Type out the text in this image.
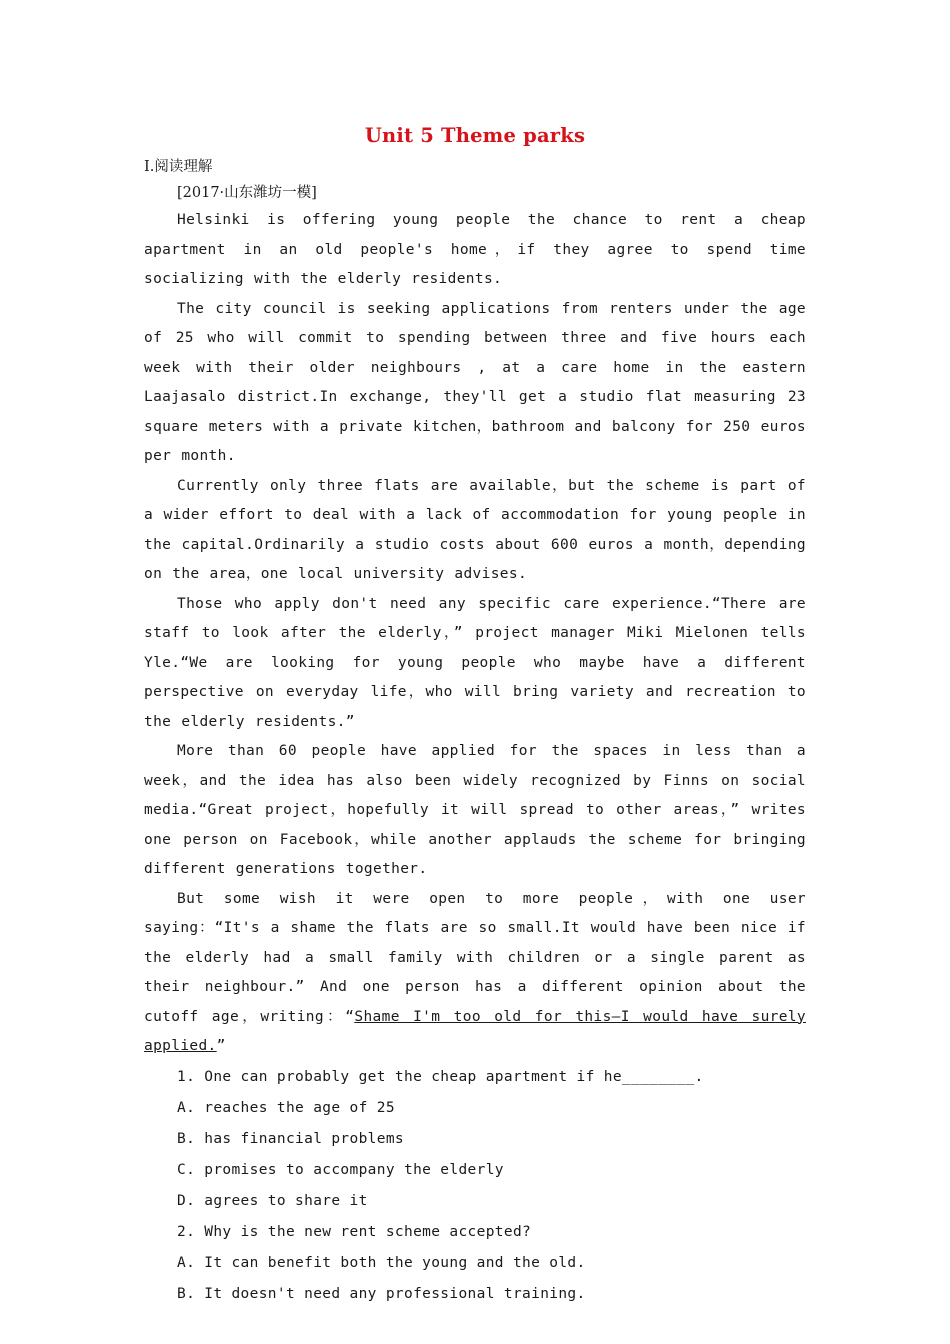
Unit 5 Theme parks

Ⅰ.阅读理解

[2017·山东潍坊一模]

Helsinki is offering young people the chance to rent a cheap apartment in an old people's home，if they agree to spend time socializing with the elderly residents.

The city council is seeking applications from renters under the age of 25 who will commit to spending between three and five hours each week with their older neighbours , at a care home in the eastern Laajasalo district.In exchange, they'll get a studio flat measuring 23 square meters with a private kitchen，bathroom and balcony for 250 euros per month.

Currently only three flats are available，but the scheme is part of a wider effort to deal with a lack of accommodation for young people in the capital.Ordinarily a studio costs about 600 euros a month，depending on the area，one local university advises.

Those who apply don't need any specific care experience.“There are staff to look after the elderly，” project manager Miki Mielonen tells Yle.“We are looking for young people who maybe have a different perspective on everyday life，who will bring variety and recreation to the elderly residents.”

More than 60 people have applied for the spaces in less than a week，and the idea has also been widely recognized by Finns on social media.“Great project，hopefully it will spread to other areas，” writes one person on Facebook，while another applauds the scheme for bringing different generations together.

But some wish it were open to more people，with one user saying：“It's a shame the flats are so small.It would have been nice if the elderly had a small family with children or a single parent as their neighbour.” And one person has a different opinion about the cutoff age，writing：“Shame I'm too old for this—I would have surely applied.”

1. One can probably get the cheap apartment if he________.

A. reaches the age of 25

B. has financial problems

C. promises to accompany the elderly

D. agrees to share it

2. Why is the new rent scheme accepted?

A. It can benefit both the young and the old.

B. It doesn't need any professional training.
